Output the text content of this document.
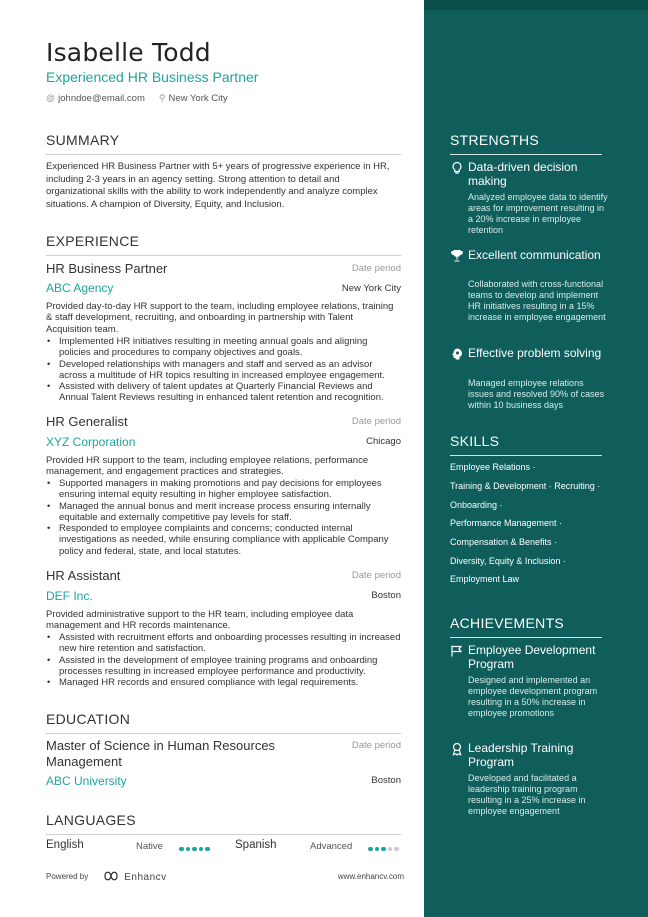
Isabelle Todd
Experienced HR Business Partner
@ johndoe@email.com ⚲ New York City
SUMMARY

Experienced HR Business Partner with 5+ years of progressive experience in HR, including 2-3 years in an agency setting. Strong attention to detail and organizational skills with the ability to work independently and analyze complex situations. A champion of Diversity, Equity, and Inclusion.

EXPERIENCE
HR Business Partner	Date period
ABC Agency	New York City

Provided day-to-day HR support to the team, including employee relations, training & staff development, recruiting, and onboarding in partnership with Talent Acquisition team.

• Implemented HR initiatives resulting in meeting annual goals and aligning policies and procedures to company objectives and goals.
• Developed relationships with managers and staff and served as an advisor across a multitude of HR topics resulting in increased employee engagement.
• Assisted with delivery of talent updates at Quarterly Financial Reviews and Annual Talent Reviews resulting in enhanced talent retention and recognition.
HR Generalist	Date period
XYZ Corporation	Chicago

Provided HR support to the team, including employee relations, performance management, and engagement practices and strategies.

• Supported managers in making promotions and pay decisions for employees ensuring internal equity resulting in higher employee satisfaction.
• Managed the annual bonus and merit increase process ensuring internally equitable and externally competitive pay levels for staff.
• Responded to employee complaints and concerns; conducted internal investigations as needed, while ensuring compliance with applicable Company policy and federal, state, and local statutes.
HR Assistant	Date period
DEF Inc.	Boston

Provided administrative support to the HR team, including employee data management and HR records maintenance.

• Assisted with recruitment efforts and onboarding processes resulting in increased new hire retention and satisfaction.
• Assisted in the development of employee training programs and onboarding processes resulting in increased employee performance and productivity.
• Managed HR records and ensured compliance with legal requirements.
EDUCATION
Master of Science in Human Resources Management
Date period
ABC University	Boston
LANGUAGES
English	Native	Spanish	Advanced
Powered by	Enhancv	www.enhancv.com
STRENGTHS
Data-driven decision making
Analyzed employee data to identify areas for improvement resulting in a 20% increase in employee retention
Excellent communication
Collaborated with cross-functional teams to develop and implement HR initiatives resulting in a 15% increase in employee engagement
Effective problem solving
Managed employee relations issues and resolved 90% of cases within 10 business days
SKILLS
Employee Relations ·
Training & Development · Recruiting ·
Onboarding ·
Performance Management ·
Compensation & Benefits ·
Diversity, Equity & Inclusion ·
Employment Law
ACHIEVEMENTS
Employee Development Program
Designed and implemented an employee development program resulting in a 50% increase in employee promotions
Leadership Training Program
Developed and facilitated a leadership training program resulting in a 25% increase in employee engagement
